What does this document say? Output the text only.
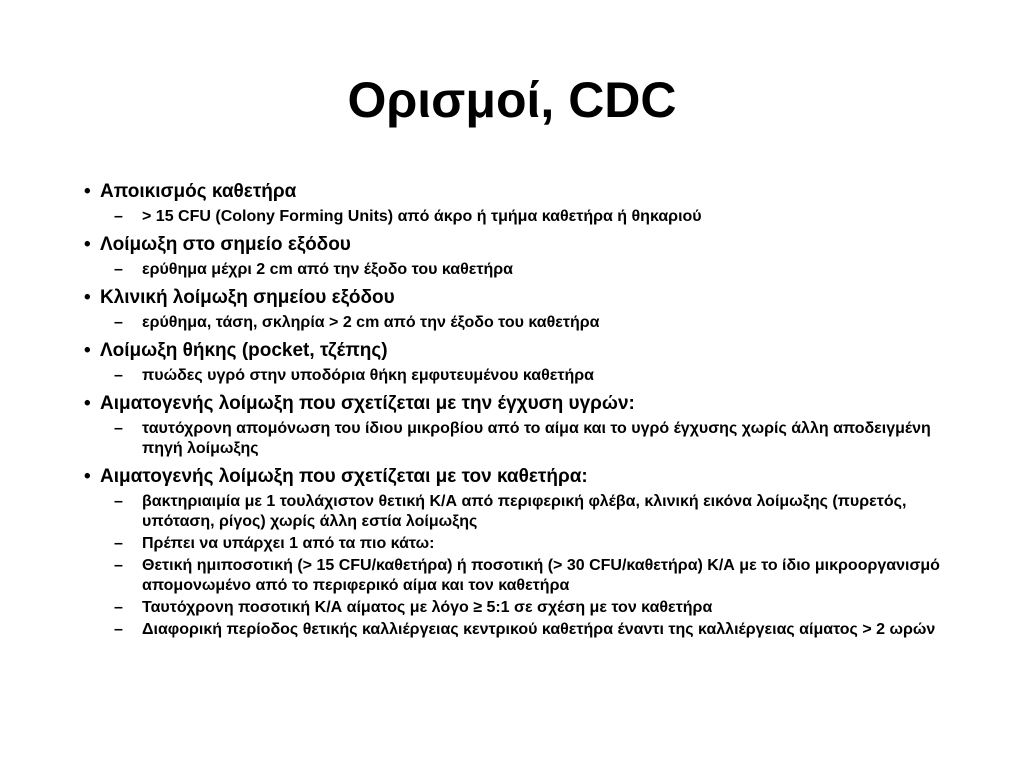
Ορισμοί, CDC
• Αποικισμός καθετήρα
–	> 15 CFU (Colony Forming Units) από άκρο ή τμήμα καθετήρα ή θηκαριού
• Λοίμωξη στο σημείο εξόδου
–	ερύθημα μέχρι 2 cm από την έξοδο του καθετήρα
• Κλινική λοίμωξη σημείου εξόδου
–	ερύθημα, τάση, σκληρία > 2 cm από την έξοδο του καθετήρα
• Λοίμωξη θήκης (pocket, τζέπης)
–	πυώδες υγρό στην υποδόρια θήκη εμφυτευμένου καθετήρα
• Αιματογενής λοίμωξη που σχετίζεται με την έγχυση υγρών:
–	ταυτόχρονη απομόνωση του ίδιου μικροβίου από το αίμα και το υγρό έγχυσης χωρίς άλλη αποδειγμένη πηγή λοίμωξης
• Αιματογενής λοίμωξη που σχετίζεται με τον καθετήρα:
–	βακτηριαιμία με 1 τουλάχιστον θετική Κ/Α από περιφερική φλέβα, κλινική εικόνα λοίμωξης (πυρετός, υπόταση, ρίγος) χωρίς άλλη εστία λοίμωξης
–	Πρέπει να υπάρχει 1 από τα πιο κάτω:
–	Θετική ημιποσοτική (> 15 CFU/καθετήρα) ή ποσοτική (> 30 CFU/καθετήρα) Κ/Α με το ίδιο μικροοργανισμό απομονωμένο από το περιφερικό αίμα και τον καθετήρα
–	Ταυτόχρονη ποσοτική Κ/Α αίματος με λόγο ≥ 5:1 σε σχέση με τον καθετήρα
–	Διαφορική περίοδος θετικής καλλιέργειας κεντρικού καθετήρα έναντι της καλλιέργειας αίματος > 2 ωρών
